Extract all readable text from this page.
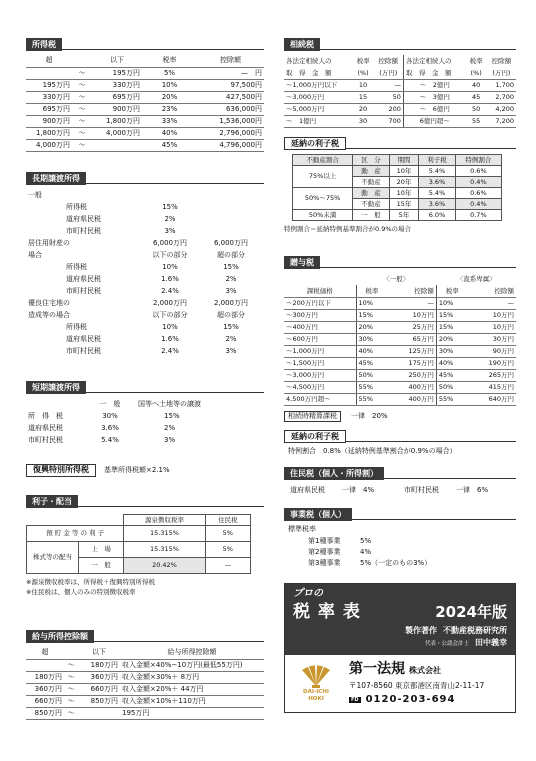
所得税
超		以下	税率	控除額
	〜	195万円	5%	—　円
195万円	〜	330万円	10%	97,500円
330万円	〜	695万円	20%	427,500円
695万円	〜	900万円	23%	636,000円
900万円	〜	1,800万円	33%	1,536,000円
1,800万円	〜	4,000万円	40%	2,796,000円
4,000万円	〜		45%	4,796,000円
長期譲渡所得
一般			
	所得税	15%	
	道府県民税	2%	
	市町村民税	3%	
居住用財産の		6,000万円	6,000万円
場合		以下の部分	超の部分
	所得税	10%	15%
	道府県民税	1.6%	2%
	市町村民税	2.4%	3%
優良住宅地の		2,000万円	2,000万円
造成等の場合		以下の部分	超の部分
	所得税	10%	15%
	道府県民税	1.6%	2%
	市町村民税	2.4%	3%
短期譲渡所得
	一　般	国等へ土地等の譲渡
所　得　税	30%	15%
道府県民税	3.6%	2%
市町村民税	5.4%	3%
復興特別所得税	基準所得税額×2.1%
利子・配当
		源泉徴収税率	住民税
預 貯 金 等 の 利 子		15.315%	5%
株式等の配当	上　場	15.315%	5%
	一　般	20.42%	—
※源泉徴収税率は、所得税＋復興特別所得税
※住民税は、個人のみの特別徴収税率
給与所得控除額
超		以下	給与所得控除額
	〜	180万円	収入金額×40%−10万円(最低55万円)
180万円	〜	360万円	収入金額×30%＋ 8万円
360万円	〜	660万円	収入金額×20%＋ 44万円
660万円	〜	850万円	収入金額×10%＋110万円
850万円	〜		195万円
相続税
各法定相続人の	税率	控除額	各法定相続人の	税率	控除額
取　得　金　額	(%)	(万円)	取　得　金　額	(%)	(万円)
〜1,000万円以下	10	—	〜　2億円	40	1,700
〜3,000万円	15	50	〜　3億円	45	2,700
〜5,000万円	20	200	〜　6億円	50	4,200
〜　1億円	30	700	6億円超〜	55	7,200
延納の利子税
不動産割合	区　分	期間	利子税	特例割合
75%以上	動　産	10年	5.4%	0.6%
	不動産	20年	3.6%	0.4%
50%〜75%	動　産	10年	5.4%	0.6%
	不動産	15年	3.6%	0.4%
50%未満	一　般	5年	6.0%	0.7%
特例割合＝延納特例基準割合が0.9%の場合
贈与税
	〈一般〉		〈直系卑属〉	
課税価格	税率	控除額	税率	控除額
〜200万円以下	10%	—	10%	—
〜300万円	15%	10万円	15%	10万円
〜400万円	20%	25万円	15%	10万円
〜600万円	30%	65万円	20%	30万円
〜1,000万円	40%	125万円	30%	90万円
〜1,500万円	45%	175万円	40%	190万円
〜3,000万円	50%	250万円	45%	265万円
〜4,500万円	55%	400万円	50%	415万円
4,500万円超〜	55%	400万円	55%	640万円
相続時精算課税	一律　20%
延納の利子税
特例割合　0.8%（延納特例基準割合が0.9%の場合）
住民税（個人・所得割）
道府県民税	一律　4%	市町村民税	一律　6%
事業税（個人）
標準税率
第1種事業	5%
第2種事業	4%
第3種事業	5%（一定のもの3%）
プロの
税 率 表	2024年版
製作著作 不動産税務研究所
代表・公認会計士 田中義幸
DAI-ICHI
HOKI
第一法規 株式会社
〒107-8560 東京都港区南青山2-11-17
FD 0120-203-694
